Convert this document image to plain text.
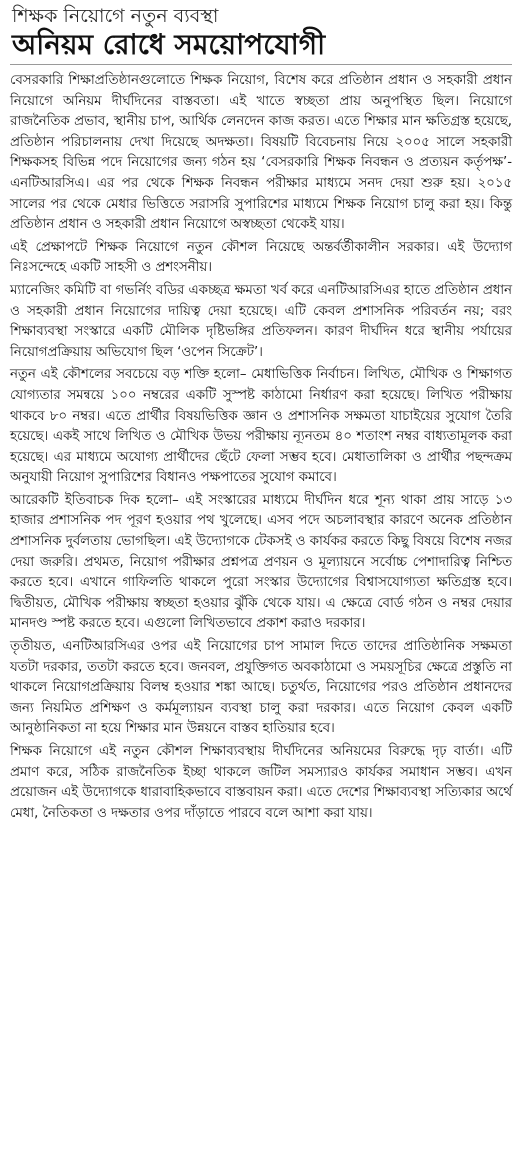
শিক্ষক নিয়োগে নতুন ব্যবস্থা
অনিয়ম রোধে সময়োপযোগী

বেসরকারি শিক্ষাপ্রতিষ্ঠানগুলোতে শিক্ষক নিয়োগ, বিশেষ করে প্রতিষ্ঠান প্রধান ও সহকারী প্রধান নিয়োগে অনিয়ম দীর্ঘদিনের বাস্তবতা। এই খাতে স্বচ্ছতা প্রায় অনুপস্থিত ছিল। নিয়োগে রাজনৈতিক প্রভাব, স্থানীয় চাপ, আর্থিক লেনদেন কাজ করত। এতে শিক্ষার মান ক্ষতিগ্রস্ত হয়েছে, প্রতিষ্ঠান পরিচালনায় দেখা দিয়েছে অদক্ষতা। বিষয়টি বিবেচনায় নিয়ে ২০০৫ সালে সহকারী শিক্ষকসহ বিভিন্ন পদে নিয়োগের জন্য গঠন হয় ‘বেসরকারি শিক্ষক নিবন্ধন ও প্রত্যয়ন কর্তৃপক্ষ’-এনটিআরসিএ। এর পর থেকে শিক্ষক নিবন্ধন পরীক্ষার মাধ্যমে সনদ দেয়া শুরু হয়। ২০১৫ সালের পর থেকে মেধার ভিত্তিতে সরাসরি সুপারিশের মাধ্যমে শিক্ষক নিয়োগ চালু করা হয়। কিন্তু প্রতিষ্ঠান প্রধান ও সহকারী প্রধান নিয়োগে অস্বচ্ছতা থেকেই যায়।

এই প্রেক্ষাপটে শিক্ষক নিয়োগে নতুন কৌশল নিয়েছে অন্তর্বর্তীকালীন সরকার। এই উদ্যোগ নিঃসন্দেহে একটি সাহসী ও প্রশংসনীয়।

ম্যানেজিং কমিটি বা গভর্নিং বডির একচ্ছত্র ক্ষমতা খর্ব করে এনটিআরসিএর হাতে প্রতিষ্ঠান প্রধান ও সহকারী প্রধান নিয়োগের দায়িত্ব দেয়া হয়েছে। এটি কেবল প্রশাসনিক পরিবর্তন নয়; বরং শিক্ষাব্যবস্থা সংস্কারে একটি মৌলিক দৃষ্টিভঙ্গির প্রতিফলন। কারণ দীর্ঘদিন ধরে স্থানীয় পর্যায়ের নিয়োগপ্রক্রিয়ায় অভিযোগ ছিল ‘ওপেন সিক্রেট’।

নতুন এই কৌশলের সবচেয়ে বড় শক্তি হলো– মেধাভিত্তিক নির্বাচন। লিখিত, মৌখিক ও শিক্ষাগত যোগ্যতার সমন্বয়ে ১০০ নম্বরের একটি সুস্পষ্ট কাঠামো নির্ধারণ করা হয়েছে। লিখিত পরীক্ষায় থাকবে ৮০ নম্বর। এতে প্রার্থীর বিষয়ভিত্তিক জ্ঞান ও প্রশাসনিক সক্ষমতা যাচাইয়ের সুযোগ তৈরি হয়েছে। একই সাথে লিখিত ও মৌখিক উভয় পরীক্ষায় ন্যূনতম ৪০ শতাংশ নম্বর বাধ্যতামূলক করা হয়েছে। এর মাধ্যমে অযোগ্য প্রার্থীদের ছেঁটে ফেলা সম্ভব হবে। মেধাতালিকা ও প্রার্থীর পছন্দক্রম অনুযায়ী নিয়োগ সুপারিশের বিধানও পক্ষপাতের সুযোগ কমাবে।

আরেকটি ইতিবাচক দিক হলো– এই সংস্কারের মাধ্যমে দীর্ঘদিন ধরে শূন্য থাকা প্রায় সাড়ে ১৩ হাজার প্রশাসনিক পদ পূরণ হওয়ার পথ খুলেছে। এসব পদে অচলাবস্থার কারণে অনেক প্রতিষ্ঠান প্রশাসনিক দুর্বলতায় ভোগছিল। এই উদ্যোগকে টেকসই ও কার্যকর করতে কিছু বিষয়ে বিশেষ নজর দেয়া জরুরি। প্রথমত, নিয়োগ পরীক্ষার প্রশ্নপত্র প্রণয়ন ও মূল্যায়নে সর্বোচ্চ পেশাদারিত্ব নিশ্চিত করতে হবে। এখানে গাফিলতি থাকলে পুরো সংস্কার উদ্যোগের বিশ্বাসযোগ্যতা ক্ষতিগ্রস্ত হবে। দ্বিতীয়ত, মৌখিক পরীক্ষায় স্বচ্ছতা হওয়ার ঝুঁকি থেকে যায়। এ ক্ষেত্রে বোর্ড গঠন ও নম্বর দেয়ার মানদণ্ড স্পষ্ট করতে হবে। এগুলো লিখিতভাবে প্রকাশ করাও দরকার।

তৃতীয়ত, এনটিআরসিএর ওপর এই নিয়োগের চাপ সামাল দিতে তাদের প্রাতিষ্ঠানিক সক্ষমতা যতটা দরকার, ততটা করতে হবে। জনবল, প্রযুক্তিগত অবকাঠামো ও সময়সূচির ক্ষেত্রে প্রস্তুতি না থাকলে নিয়োগপ্রক্রিয়ায় বিলম্ব হওয়ার শঙ্কা আছে। চতুর্থত, নিয়োগের পরও প্রতিষ্ঠান প্রধানদের জন্য নিয়মিত প্রশিক্ষণ ও কর্মমূল্যায়ন ব্যবস্থা চালু করা দরকার। এতে নিয়োগ কেবল একটি আনুষ্ঠানিকতা না হয়ে শিক্ষার মান উন্নয়নে বাস্তব হাতিয়ার হবে।

শিক্ষক নিয়োগে এই নতুন কৌশল শিক্ষাব্যবস্থায় দীর্ঘদিনের অনিয়মের বিরুদ্ধে দৃঢ় বার্তা। এটি প্রমাণ করে, সঠিক রাজনৈতিক ইচ্ছা থাকলে জটিল সমস্যারও কার্যকর সমাধান সম্ভব। এখন প্রয়োজন এই উদ্যোগকে ধারাবাহিকভাবে বাস্তবায়ন করা। এতে দেশের শিক্ষাব্যবস্থা সত্যিকার অর্থে মেধা, নৈতিকতা ও দক্ষতার ওপর দাঁড়াতে পারবে বলে আশা করা যায়।
